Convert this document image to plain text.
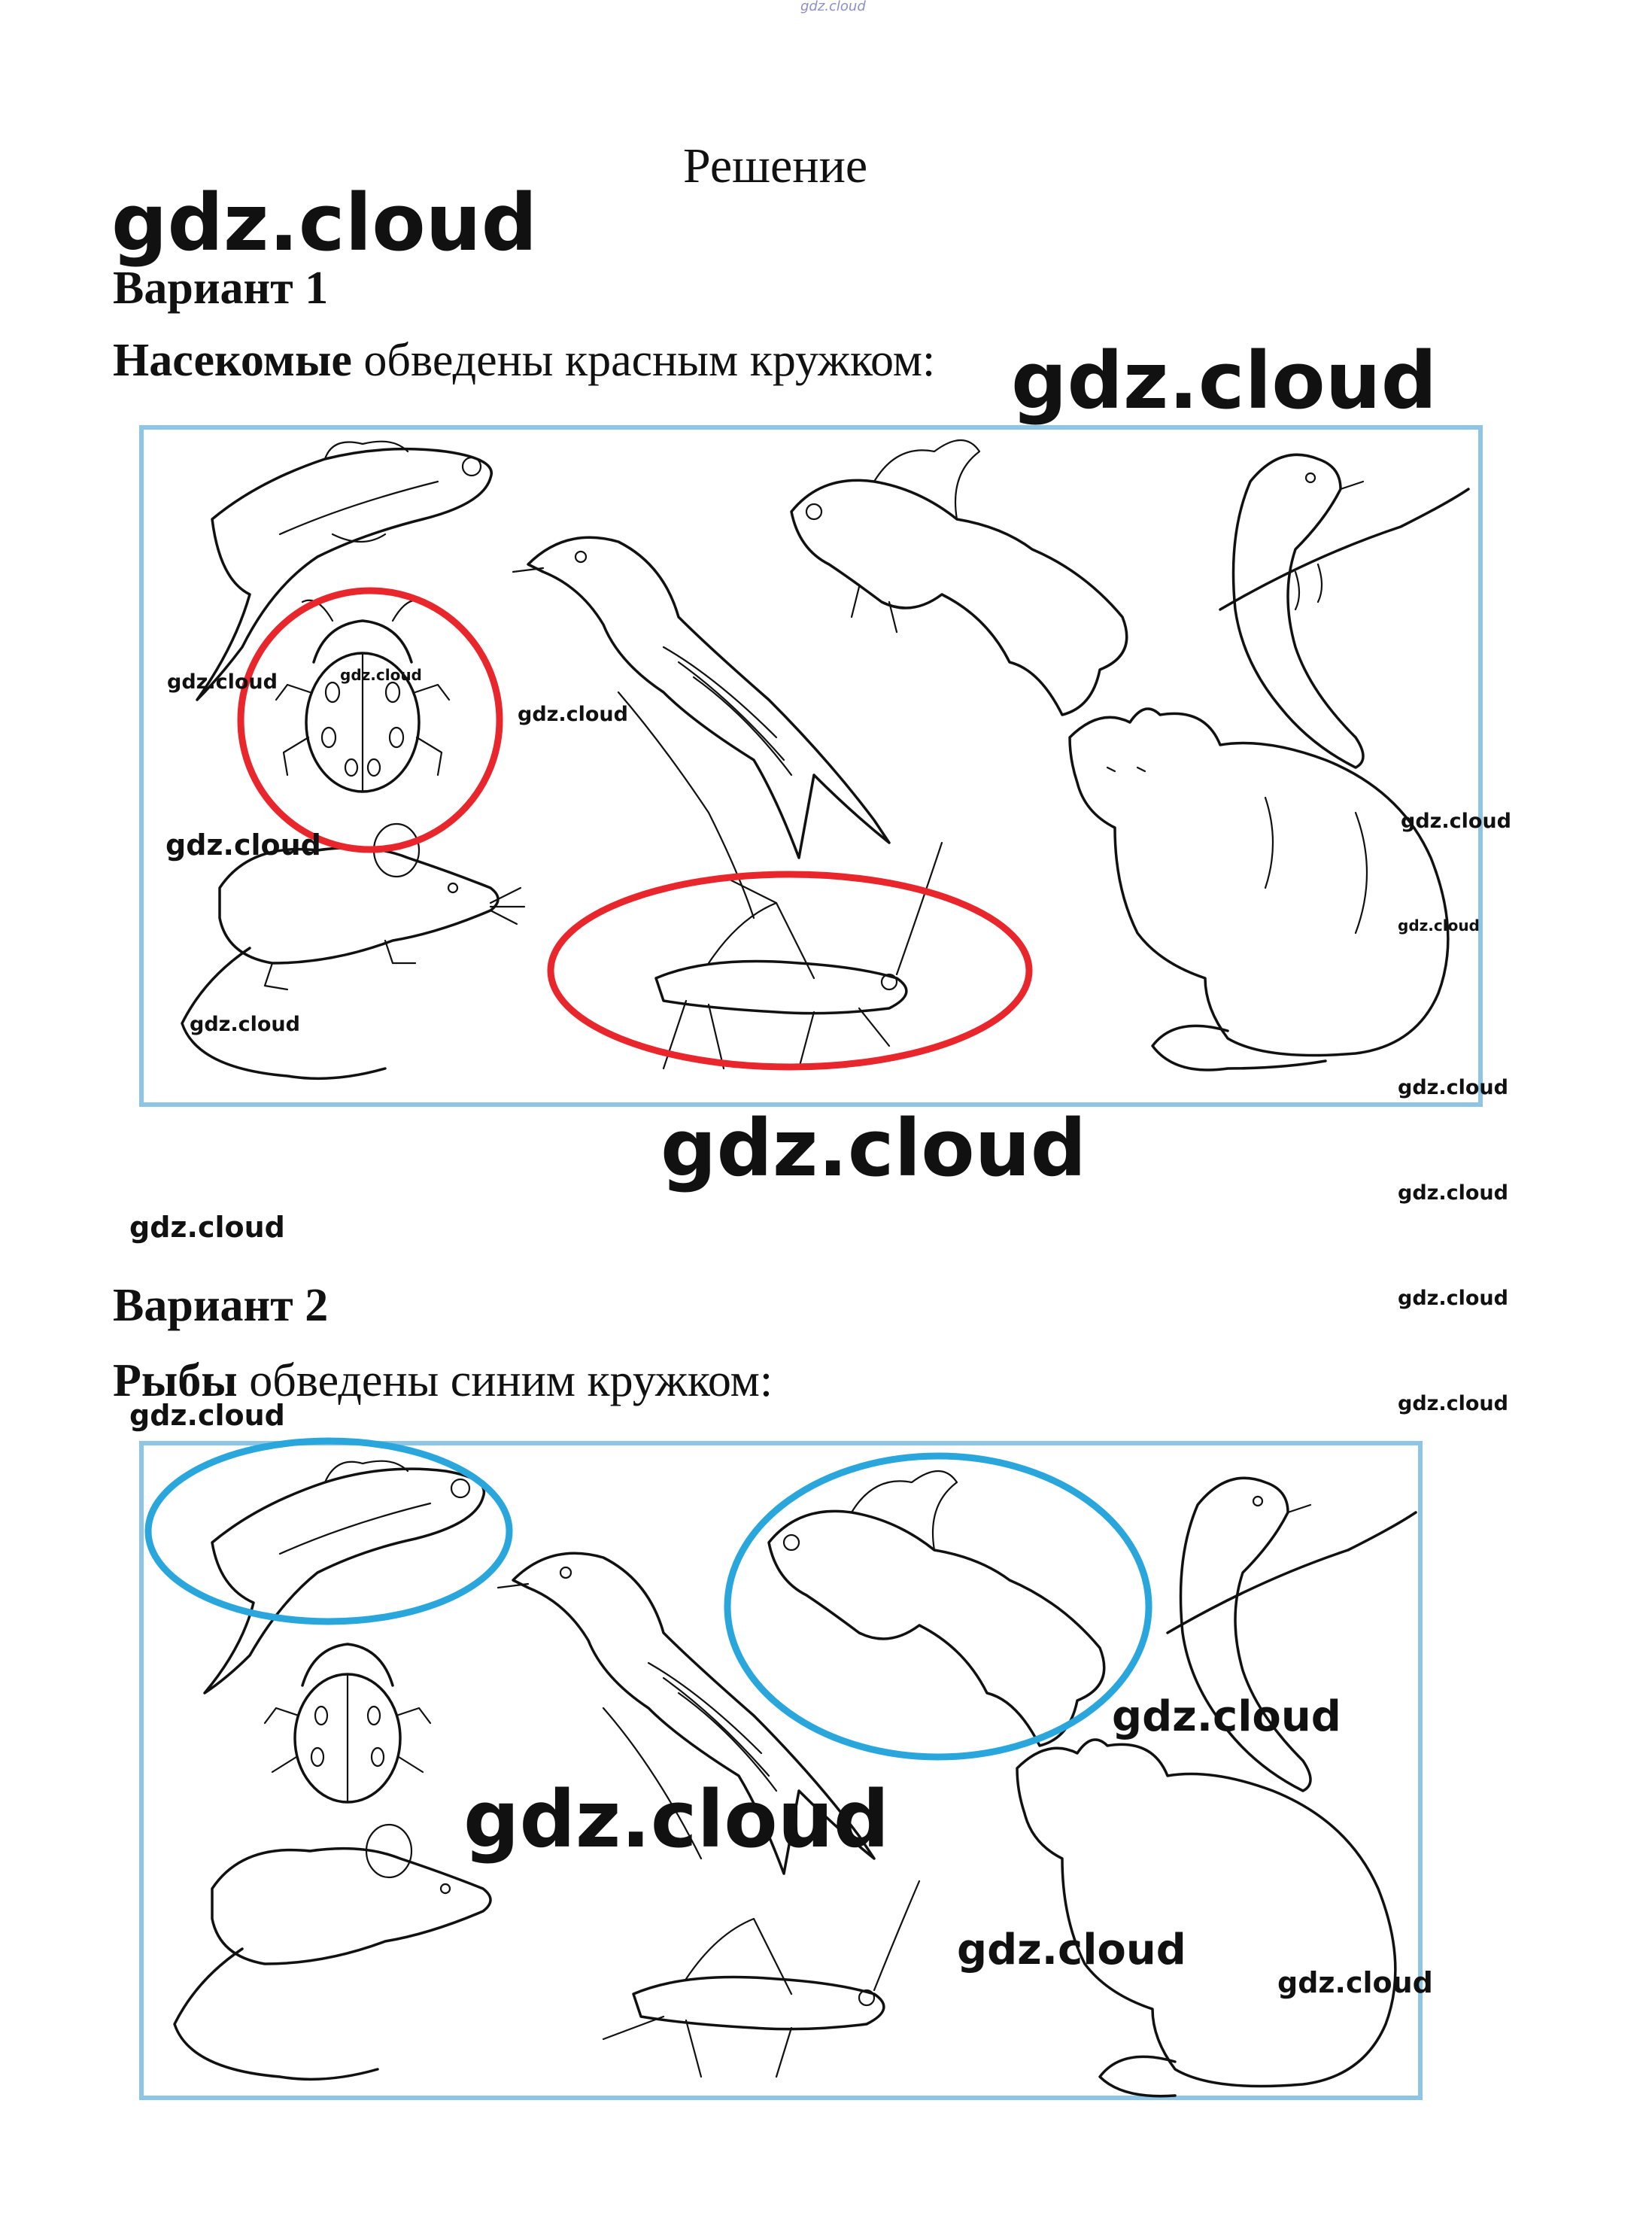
gdz.cloud
Решение
gdz.cloud
Вариант 1
Насекомые обведены красным кружком: gdz.cloud
gdz.cloud	gdz.cloud
gdz.cloud
gdz.cloud
gdz.cloud
gdz.cloud
gdz.cloud
gdz.cloud
gdz.cloud	gdz.cloud
gdz.cloud
gdz.cloud
Вариант 2
Рыбы обведены синим кружком:
gdz.cloud	gdz.cloud
gdz.cloud
gdz.cloud
gdz.cloud
gdz.cloud
